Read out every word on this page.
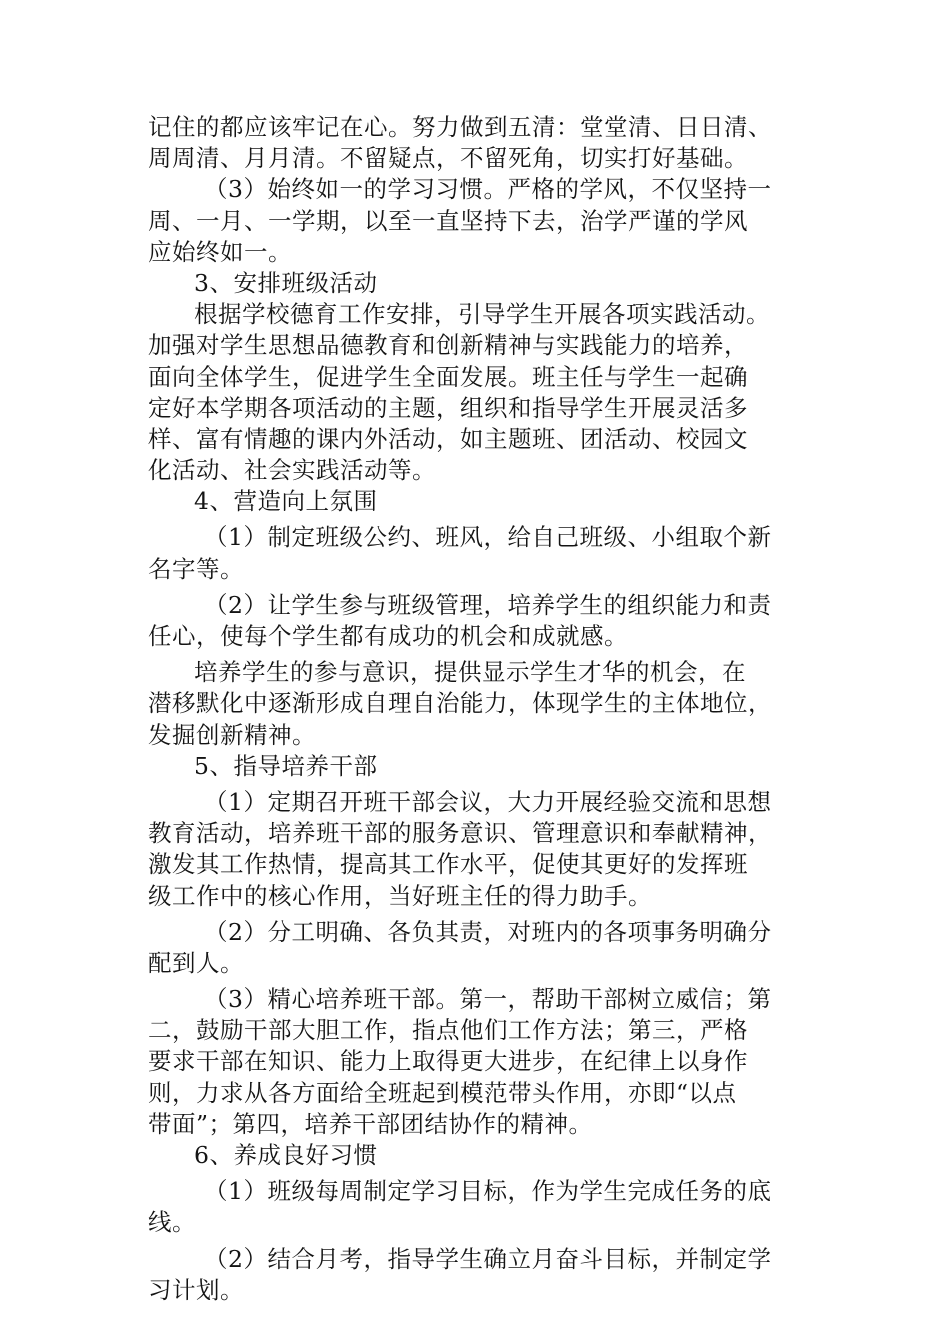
记住的都应该牢记在心。努力做到五清：堂堂清、日日清、
周周清、月月清。不留疑点，不留死角，切实打好基础。
（3）始终如一的学习习惯。严格的学风，不仅坚持一
周、一月、一学期，以至一直坚持下去，治学严谨的学风
应始终如一。
3、安排班级活动
根据学校德育工作安排，引导学生开展各项实践活动。
加强对学生思想品德教育和创新精神与实践能力的培养，
面向全体学生，促进学生全面发展。班主任与学生一起确
定好本学期各项活动的主题，组织和指导学生开展灵活多
样、富有情趣的课内外活动，如主题班、团活动、校园文
化活动、社会实践活动等。
4、营造向上氛围
（1）制定班级公约、班风，给自己班级、小组取个新
名字等。
（2）让学生参与班级管理，培养学生的组织能力和责
任心，使每个学生都有成功的机会和成就感。
培养学生的参与意识，提供显示学生才华的机会，在
潜移默化中逐渐形成自理自治能力，体现学生的主体地位，
发掘创新精神。
5、指导培养干部
（1）定期召开班干部会议，大力开展经验交流和思想
教育活动，培养班干部的服务意识、管理意识和奉献精神，
激发其工作热情，提高其工作水平，促使其更好的发挥班
级工作中的核心作用，当好班主任的得力助手。
（2）分工明确、各负其责，对班内的各项事务明确分
配到人。
（3）精心培养班干部。第一，帮助干部树立威信；第
二，鼓励干部大胆工作，指点他们工作方法；第三，严格
要求干部在知识、能力上取得更大进步，在纪律上以身作
则，力求从各方面给全班起到模范带头作用，亦即“以点
带面”；第四，培养干部团结协作的精神。
6、养成良好习惯
（1）班级每周制定学习目标，作为学生完成任务的底
线。
（2）结合月考，指导学生确立月奋斗目标，并制定学
习计划。
